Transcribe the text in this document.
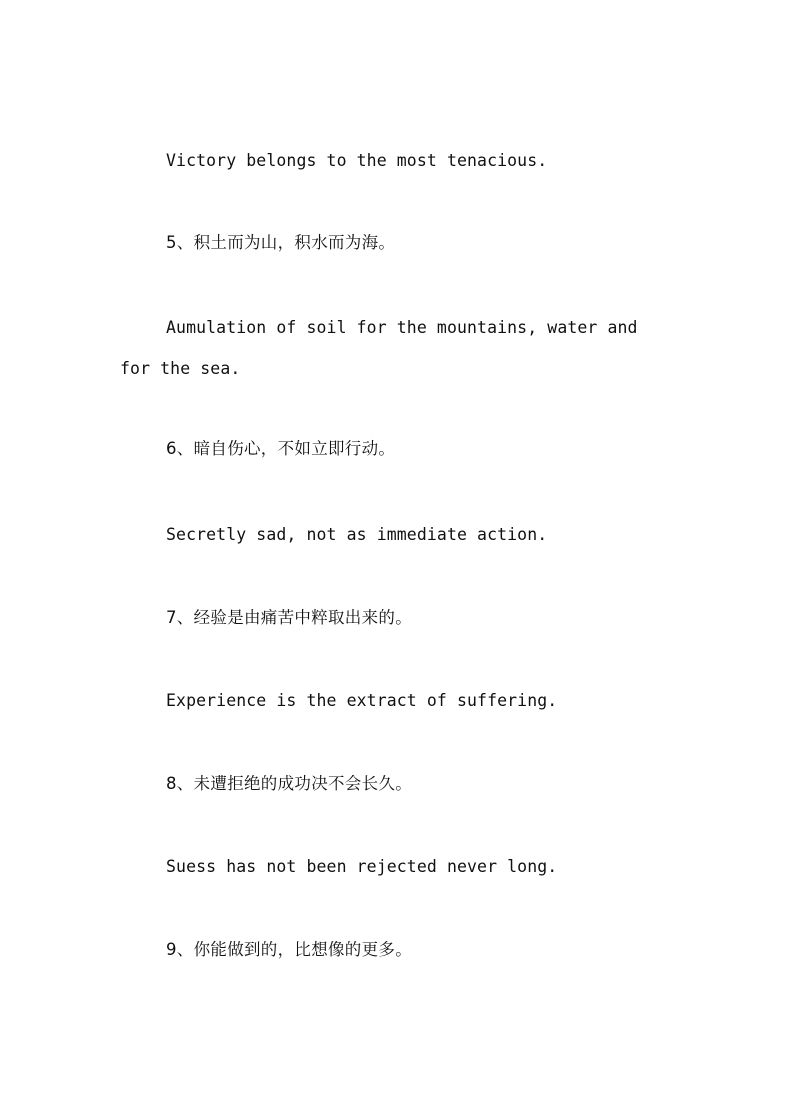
Victory belongs to the most tenacious.

5、积土而为山，积水而为海。

Aumulation of soil for the mountains, water and for the sea.

6、暗自伤心，不如立即行动。

Secretly sad, not as immediate action.

7、经验是由痛苦中粹取出来的。

Experience is the extract of suffering.

8、未遭拒绝的成功决不会长久。

Suess has not been rejected never long.

9、你能做到的，比想像的更多。
